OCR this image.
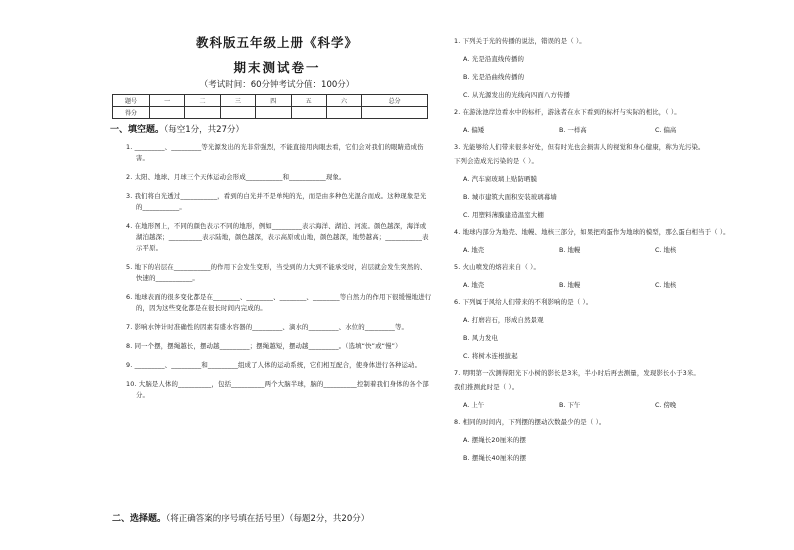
教科版五年级上册《科学》
期末测试卷一
（考试时间：60分钟考试分值：100分）
题号	一	二	三	四	五	六	总分
得分							
一、填空题。（每空1分，共27分）
1. _________、_________等光源发出的光非常强烈，不能直接用肉眼去看，它们会对我们的眼睛造成伤害。
2. 太阳、地球、月球三个天体运动会形成___________和___________现象。
3. 我们将白光透过___________，看到的白光并不是单纯的光，而是由多种色光混合而成。这种现象是光的___________。
4. 在地形图上，不同的颜色表示不同的地形，例如_________表示海洋、湖泊、河流。颜色越深，海洋或湖泊越深；__________表示陆地，颜色越深，表示高原或山地，颜色越深，地势越高；___________表示平原。
5. 地下的岩层在___________的作用下会发生变形，当受到的力大到不能承受时，岩层就会发生突然的、快速的___________。
6. 地球表面的很多变化都是在________、________、________、________等自然力的作用下很缓慢地进行的，因为这些变化都是在很长时间内完成的。
7. 影响水钟计时准确性的因素有盛水容器的_________、滴水的_________、水位的_________等。
8. 同一个摆，摆绳越长，摆动越_________；摆绳越短，摆动越_________。（选填“快”或“慢”）
9. _________、_________和_________组成了人体的运动系统，它们相互配合，使身体进行各种运动。
10. 大脑是人体的__________，包括__________两个大脑半球，脑的__________控制着我们身体的各个部分。
二、选择题。（将正确答案的序号填在括号里）（每题2分，共20分）
1. 下列关于光的传播的说法，错误的是（ ）。
A. 光是沿直线传播的
B. 光是沿曲线传播的
C. 从光源发出的光线向四面八方传播
2. 在游泳池岸边看水中的标杆，游泳者在水下看到的标杆与实际的相比，（ ）。
A. 偏矮	B. 一样高	C. 偏高
3. 光能够给人们带来很多好处，但有时光也会损害人的视觉和身心健康，称为光污染。
下列会造成光污染的是（ ）。
A. 汽车窗玻璃上贴防晒膜
B. 城市建筑大面积安装玻璃幕墙
C. 用塑料薄膜建造温室大棚
4. 地球内部分为地壳、地幔、地核三部分，如果把鸡蛋作为地球的模型，那么蛋白相当于（ ）。
A. 地壳	B. 地幔	C. 地核
5. 火山喷发的熔岩来自（ ）。
A. 地壳	B. 地幔	C. 地核
6. 下列属于风给人们带来的不利影响的是（ ）。
A. 打磨岩石，形成自然景观
B. 风力发电
C. 将树木连根拔起
7. 明明第一次测得阳光下小树的影长是3米，半小时后再去测量，发现影长小于3米。
我们推测此时是（ ）。
A. 上午	B. 下午	C. 傍晚
8. 相同的时间内，下列摆的摆动次数最少的是（ ）。
A. 摆绳长20厘米的摆
B. 摆绳长40厘米的摆
